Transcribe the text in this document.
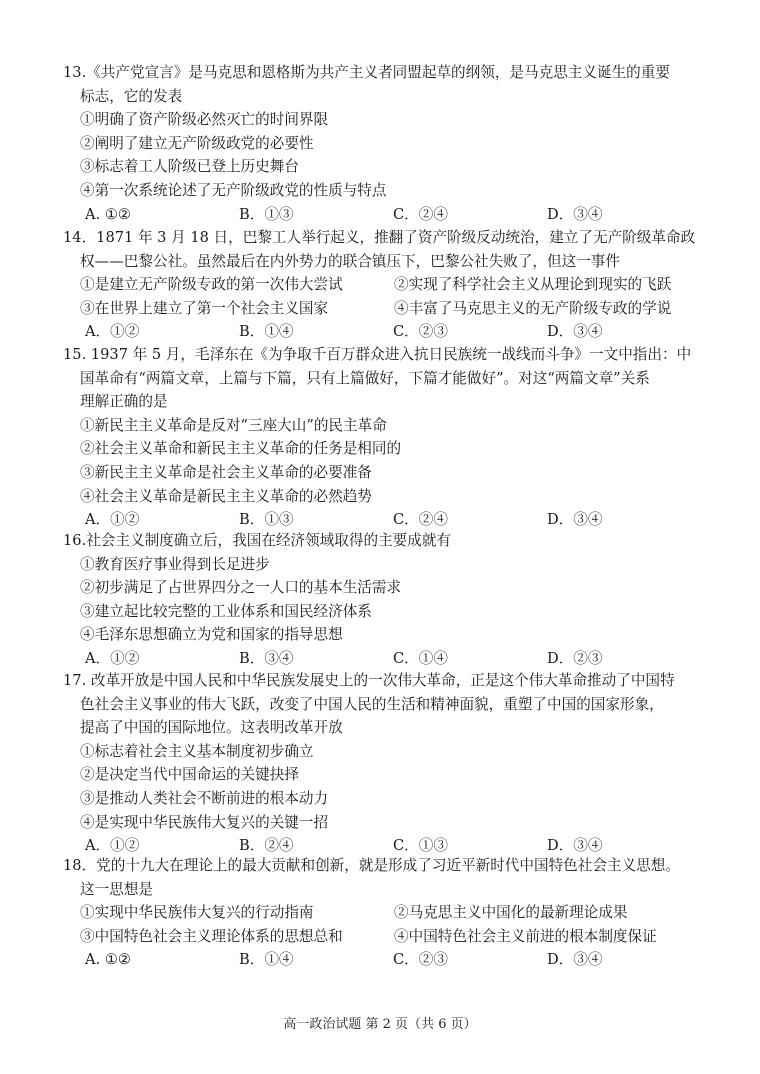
13.《共产党宣言》是马克思和恩格斯为共产主义者同盟起草的纲领，是马克思主义诞生的重要
标志，它的发表
①明确了资产阶级必然灭亡的时间界限
②阐明了建立无产阶级政党的必要性
③标志着工人阶级已登上历史舞台
④第一次系统论述了无产阶级政党的性质与特点
A. ①②	B．①③	C．②④	D．③④
14．1871 年 3 月 18 日，巴黎工人举行起义，推翻了资产阶级反动统治，建立了无产阶级革命政
权——巴黎公社。虽然最后在内外势力的联合镇压下，巴黎公社失败了，但这一事件
①是建立无产阶级专政的第一次伟大尝试	②实现了科学社会主义从理论到现实的飞跃
③在世界上建立了第一个社会主义国家	④丰富了马克思主义的无产阶级专政的学说
A．①②	B．①④	C．②③	D．③④
15. 1937 年 5 月，毛泽东在《为争取千百万群众进入抗日民族统一战线而斗争》一文中指出：中
国革命有“两篇文章，上篇与下篇，只有上篇做好，下篇才能做好”。对这“两篇文章”关系
理解正确的是
①新民主主义革命是反对“三座大山”的民主革命
②社会主义革命和新民主主义革命的任务是相同的
③新民主主义革命是社会主义革命的必要准备
④社会主义革命是新民主主义革命的必然趋势
A．①②	B．①③	C．②④	D．③④
16.社会主义制度确立后，我国在经济领域取得的主要成就有
①教育医疗事业得到长足进步
②初步满足了占世界四分之一人口的基本生活需求
③建立起比较完整的工业体系和国民经济体系
④毛泽东思想确立为党和国家的指导思想
A．①②	B．③④	C．①④	D．②③
17. 改革开放是中国人民和中华民族发展史上的一次伟大革命，正是这个伟大革命推动了中国特
色社会主义事业的伟大飞跃，改变了中国人民的生活和精神面貌，重塑了中国的国家形象，
提高了中国的国际地位。这表明改革开放
①标志着社会主义基本制度初步确立
②是决定当代中国命运的关键抉择
③是推动人类社会不断前进的根本动力
④是实现中华民族伟大复兴的关键一招
A．①②	B．②④	C．①③	D．③④
18．党的十九大在理论上的最大贡献和创新，就是形成了习近平新时代中国特色社会主义思想。
这一思想是
①实现中华民族伟大复兴的行动指南	②马克思主义中国化的最新理论成果
③中国特色社会主义理论体系的思想总和	④中国特色社会主义前进的根本制度保证
A. ①②	B．①④	C．②③	D．③④
高一政治试题 第 2 页（共 6 页）
